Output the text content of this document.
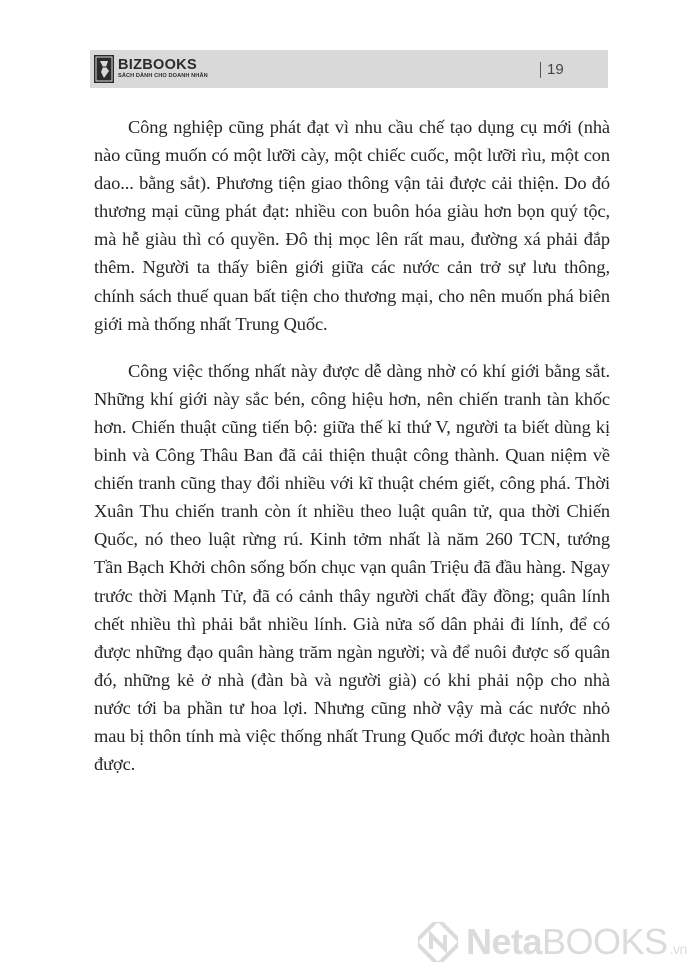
BIZBOOKS
SÁCH DÀNH CHO DOANH NHÂN	19

Công nghiệp cũng phát đạt vì nhu cầu chế tạo dụng cụ mới (nhà nào cũng muốn có một lưỡi cày, một chiếc cuốc, một lưỡi rìu, một con dao... bằng sắt). Phương tiện giao thông vận tải được cải thiện. Do đó thương mại cũng phát đạt: nhiều con buôn hóa giàu hơn bọn quý tộc, mà hễ giàu thì có quyền. Đô thị mọc lên rất mau, đường xá phải đắp thêm. Người ta thấy biên giới giữa các nước cản trở sự lưu thông, chính sách thuế quan bất tiện cho thương mại, cho nên muốn phá biên giới mà thống nhất Trung Quốc.

Công việc thống nhất này được dễ dàng nhờ có khí giới bằng sắt. Những khí giới này sắc bén, công hiệu hơn, nên chiến tranh tàn khốc hơn. Chiến thuật cũng tiến bộ: giữa thế kỉ thứ V, người ta biết dùng kị binh và Công Thâu Ban đã cải thiện thuật công thành. Quan niệm về chiến tranh cũng thay đổi nhiều với kĩ thuật chém giết, công phá. Thời Xuân Thu chiến tranh còn ít nhiều theo luật quân tử, qua thời Chiến Quốc, nó theo luật rừng rú. Kinh tởm nhất là năm 260 TCN, tướng Tần Bạch Khởi chôn sống bốn chục vạn quân Triệu đã đầu hàng. Ngay trước thời Mạnh Tử, đã có cảnh thây người chất đầy đồng; quân lính chết nhiều thì phải bắt nhiều lính. Già nửa số dân phải đi lính, để có được những đạo quân hàng trăm ngàn người; và để nuôi được số quân đó, những kẻ ở nhà (đàn bà và người già) có khi phải nộp cho nhà nước tới ba phần tư hoa lợi. Nhưng cũng nhờ vậy mà các nước nhỏ mau bị thôn tính mà việc thống nhất Trung Quốc mới được hoàn thành được.

NetaBOOKS .vn
